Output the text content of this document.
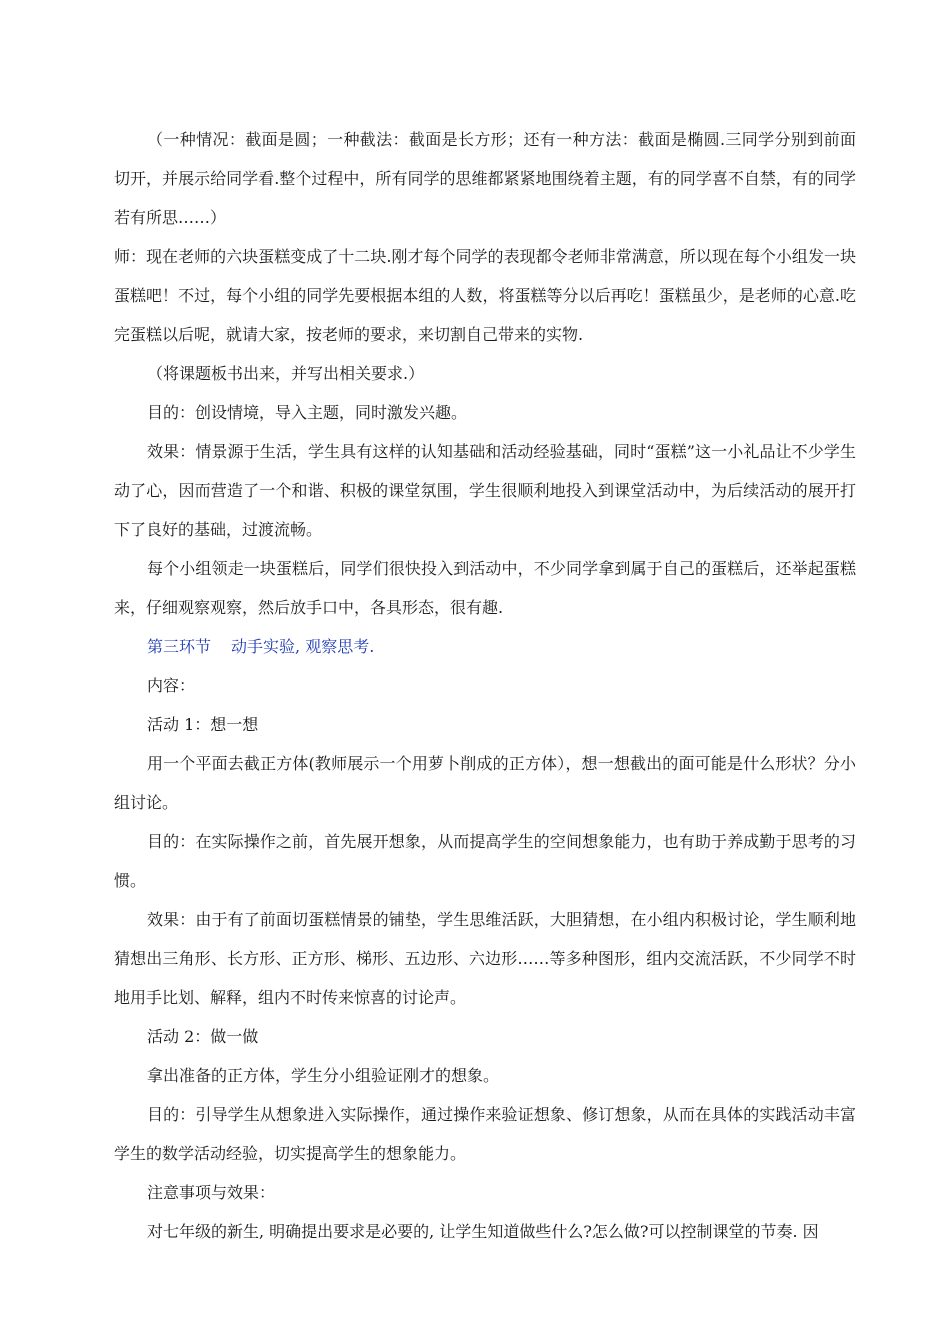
（一种情况：截面是圆；一种截法：截面是长方形；还有一种方法：截面是椭圆.三同学分别到前面切开，并展示给同学看.整个过程中，所有同学的思维都紧紧地围绕着主题，有的同学喜不自禁，有的同学若有所思……）

师：现在老师的六块蛋糕变成了十二块.刚才每个同学的表现都令老师非常满意，所以现在每个小组发一块蛋糕吧！不过，每个小组的同学先要根据本组的人数，将蛋糕等分以后再吃！蛋糕虽少，是老师的心意.吃完蛋糕以后呢，就请大家，按老师的要求，来切割自己带来的实物.

（将课题板书出来，并写出相关要求.）

目的：创设情境，导入主题，同时激发兴趣。

效果：情景源于生活，学生具有这样的认知基础和活动经验基础，同时“蛋糕”这一小礼品让不少学生动了心，因而营造了一个和谐、积极的课堂氛围，学生很顺利地投入到课堂活动中，为后续活动的展开打下了良好的基础，过渡流畅。

每个小组领走一块蛋糕后，同学们很快投入到活动中，不少同学拿到属于自己的蛋糕后，还举起蛋糕来，仔细观察观察，然后放手口中，各具形态，很有趣.

第三环节 动手实验, 观察思考.

内容：

活动 1：想一想

用一个平面去截正方体(教师展示一个用萝卜削成的正方体），想一想截出的面可能是什么形状？分小组讨论。

目的：在实际操作之前，首先展开想象，从而提高学生的空间想象能力，也有助于养成勤于思考的习惯。

效果：由于有了前面切蛋糕情景的铺垫，学生思维活跃，大胆猜想，在小组内积极讨论，学生顺利地猜想出三角形、长方形、正方形、梯形、五边形、六边形……等多种图形，组内交流活跃，不少同学不时地用手比划、解释，组内不时传来惊喜的讨论声。

活动 2：做一做

拿出准备的正方体，学生分小组验证刚才的想象。

目的：引导学生从想象进入实际操作，通过操作来验证想象、修订想象，从而在具体的实践活动丰富学生的数学活动经验，切实提高学生的想象能力。

注意事项与效果：

对七年级的新生, 明确提出要求是必要的, 让学生知道做些什么?怎么做?可以控制课堂的节奏. 因
